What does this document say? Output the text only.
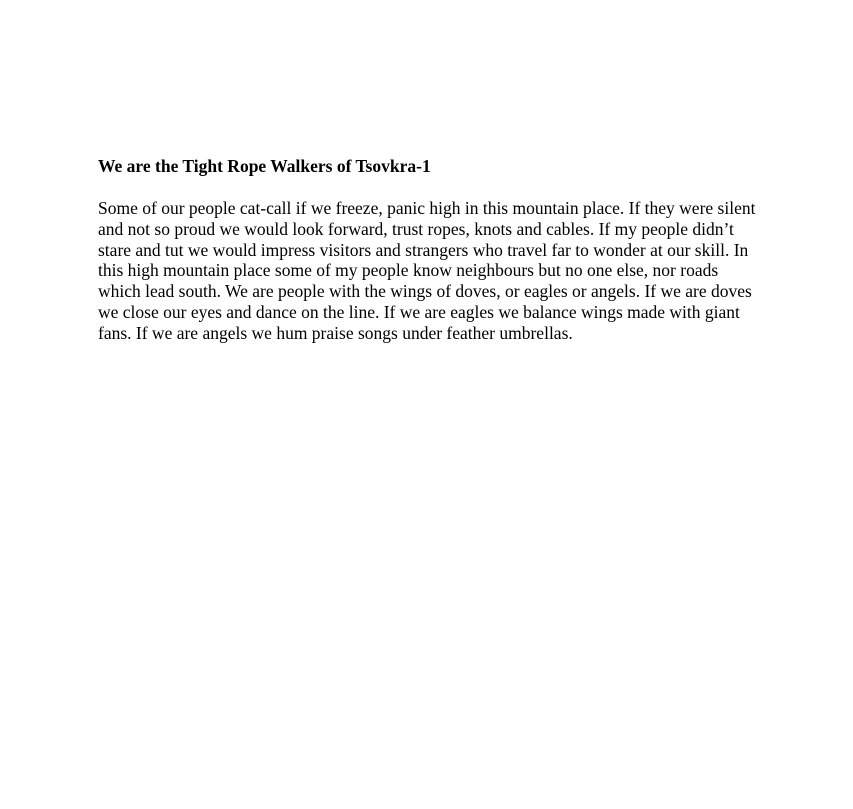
We are the Tight Rope Walkers of Tsovkra-1

Some of our people cat-call if we freeze, panic high in this mountain place. If they were silent
and not so proud we would look forward, trust ropes, knots and cables. If my people didn’t
stare and tut we would impress visitors and strangers who travel far to wonder at our skill. In
this high mountain place some of my people know neighbours but no one else, nor roads
which lead south. We are people with the wings of doves, or eagles or angels. If we are doves
we close our eyes and dance on the line. If we are eagles we balance wings made with giant
fans. If we are angels we hum praise songs under feather umbrellas.
